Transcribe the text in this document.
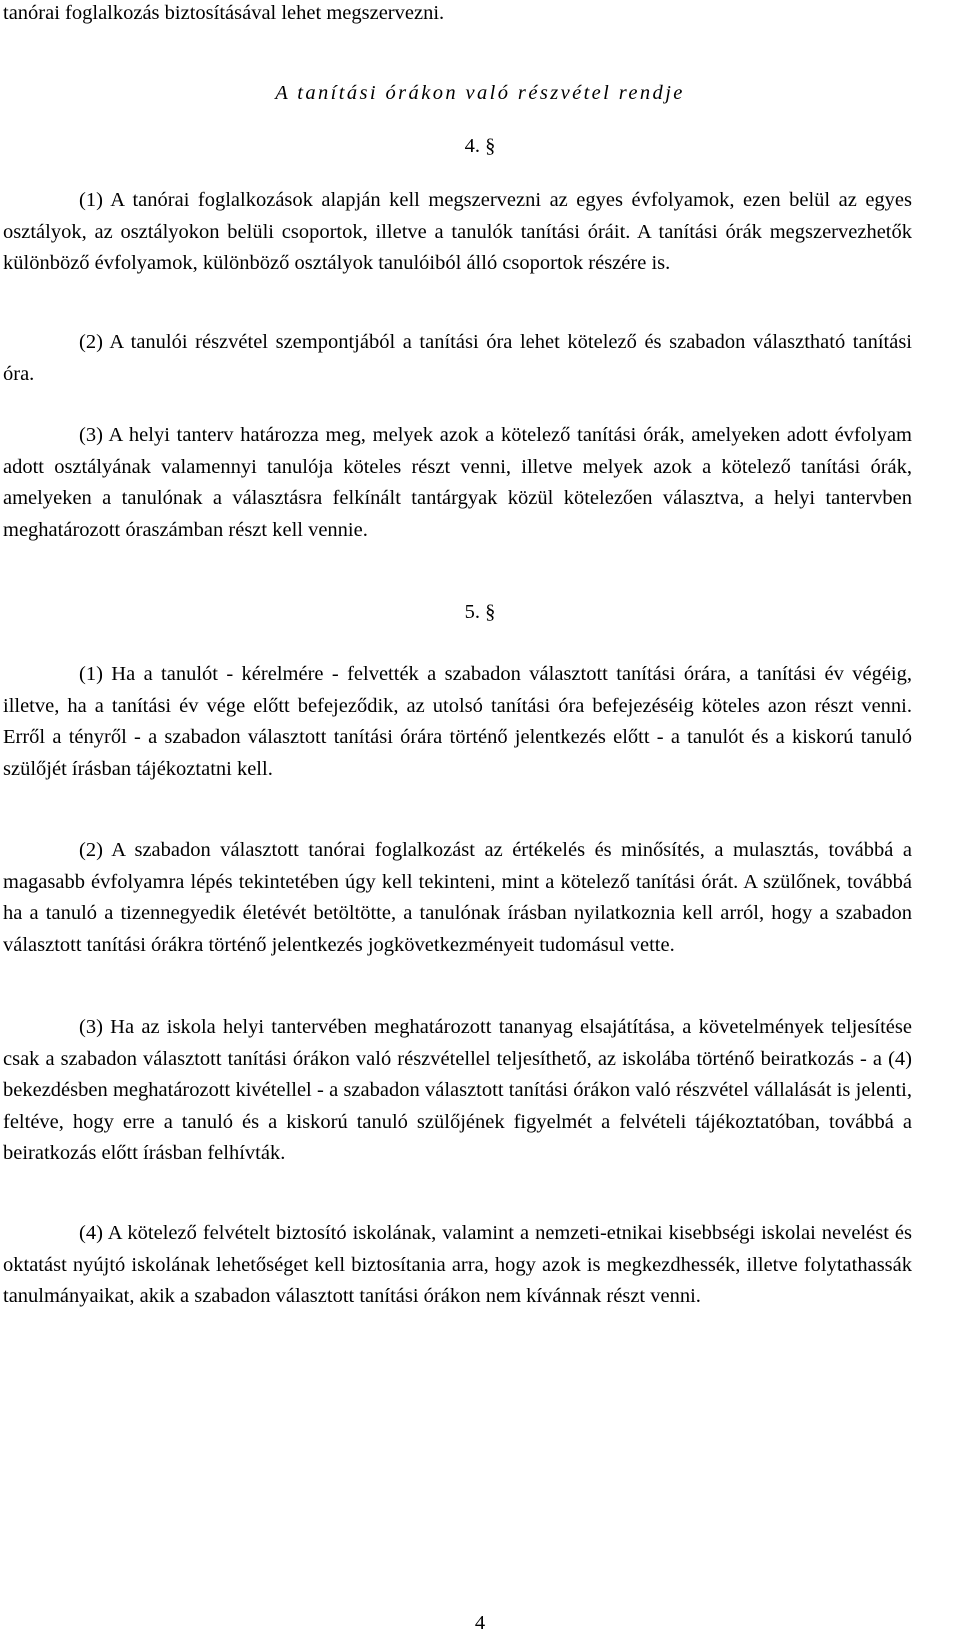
tanórai foglalkozás biztosításával lehet megszervezni.

A tanítási órákon való részvétel rendje

4. §

(1) A tanórai foglalkozások alapján kell megszervezni az egyes évfolyamok, ezen belül az egyes osztályok, az osztályokon belüli csoportok, illetve a tanulók tanítási óráit. A tanítási órák megszervezhetők különböző évfolyamok, különböző osztályok tanulóiból álló csoportok részére is.

(2) A tanulói részvétel szempontjából a tanítási óra lehet kötelező és szabadon választható tanítási óra.

(3) A helyi tanterv határozza meg, melyek azok a kötelező tanítási órák, amelyeken adott évfolyam adott osztályának valamennyi tanulója köteles részt venni, illetve melyek azok a kötelező tanítási órák, amelyeken a tanulónak a választásra felkínált tantárgyak közül kötelezően választva, a helyi tantervben meghatározott óraszámban részt kell vennie.

5. §

(1) Ha a tanulót - kérelmére - felvették a szabadon választott tanítási órára, a tanítási év végéig, illetve, ha a tanítási év vége előtt befejeződik, az utolsó tanítási óra befejezéséig köteles azon részt venni. Erről a tényről - a szabadon választott tanítási órára történő jelentkezés előtt - a tanulót és a kiskorú tanuló szülőjét írásban tájékoztatni kell.

(2) A szabadon választott tanórai foglalkozást az értékelés és minősítés, a mulasztás, továbbá a magasabb évfolyamra lépés tekintetében úgy kell tekinteni, mint a kötelező tanítási órát. A szülőnek, továbbá ha a tanuló a tizennegyedik életévét betöltötte, a tanulónak írásban nyilatkoznia kell arról, hogy a szabadon választott tanítási órákra történő jelentkezés jogkövetkezményeit tudomásul vette.

(3) Ha az iskola helyi tantervében meghatározott tananyag elsajátítása, a követelmények teljesítése csak a szabadon választott tanítási órákon való részvétellel teljesíthető, az iskolába történő beiratkozás - a (4) bekezdésben meghatározott kivétellel - a szabadon választott tanítási órákon való részvétel vállalását is jelenti, feltéve, hogy erre a tanuló és a kiskorú tanuló szülőjének figyelmét a felvételi tájékoztatóban, továbbá a beiratkozás előtt írásban felhívták.

(4) A kötelező felvételt biztosító iskolának, valamint a nemzeti-etnikai kisebbségi iskolai nevelést és oktatást nyújtó iskolának lehetőséget kell biztosítania arra, hogy azok is megkezdhessék, illetve folytathassák tanulmányaikat, akik a szabadon választott tanítási órákon nem kívánnak részt venni.

4
